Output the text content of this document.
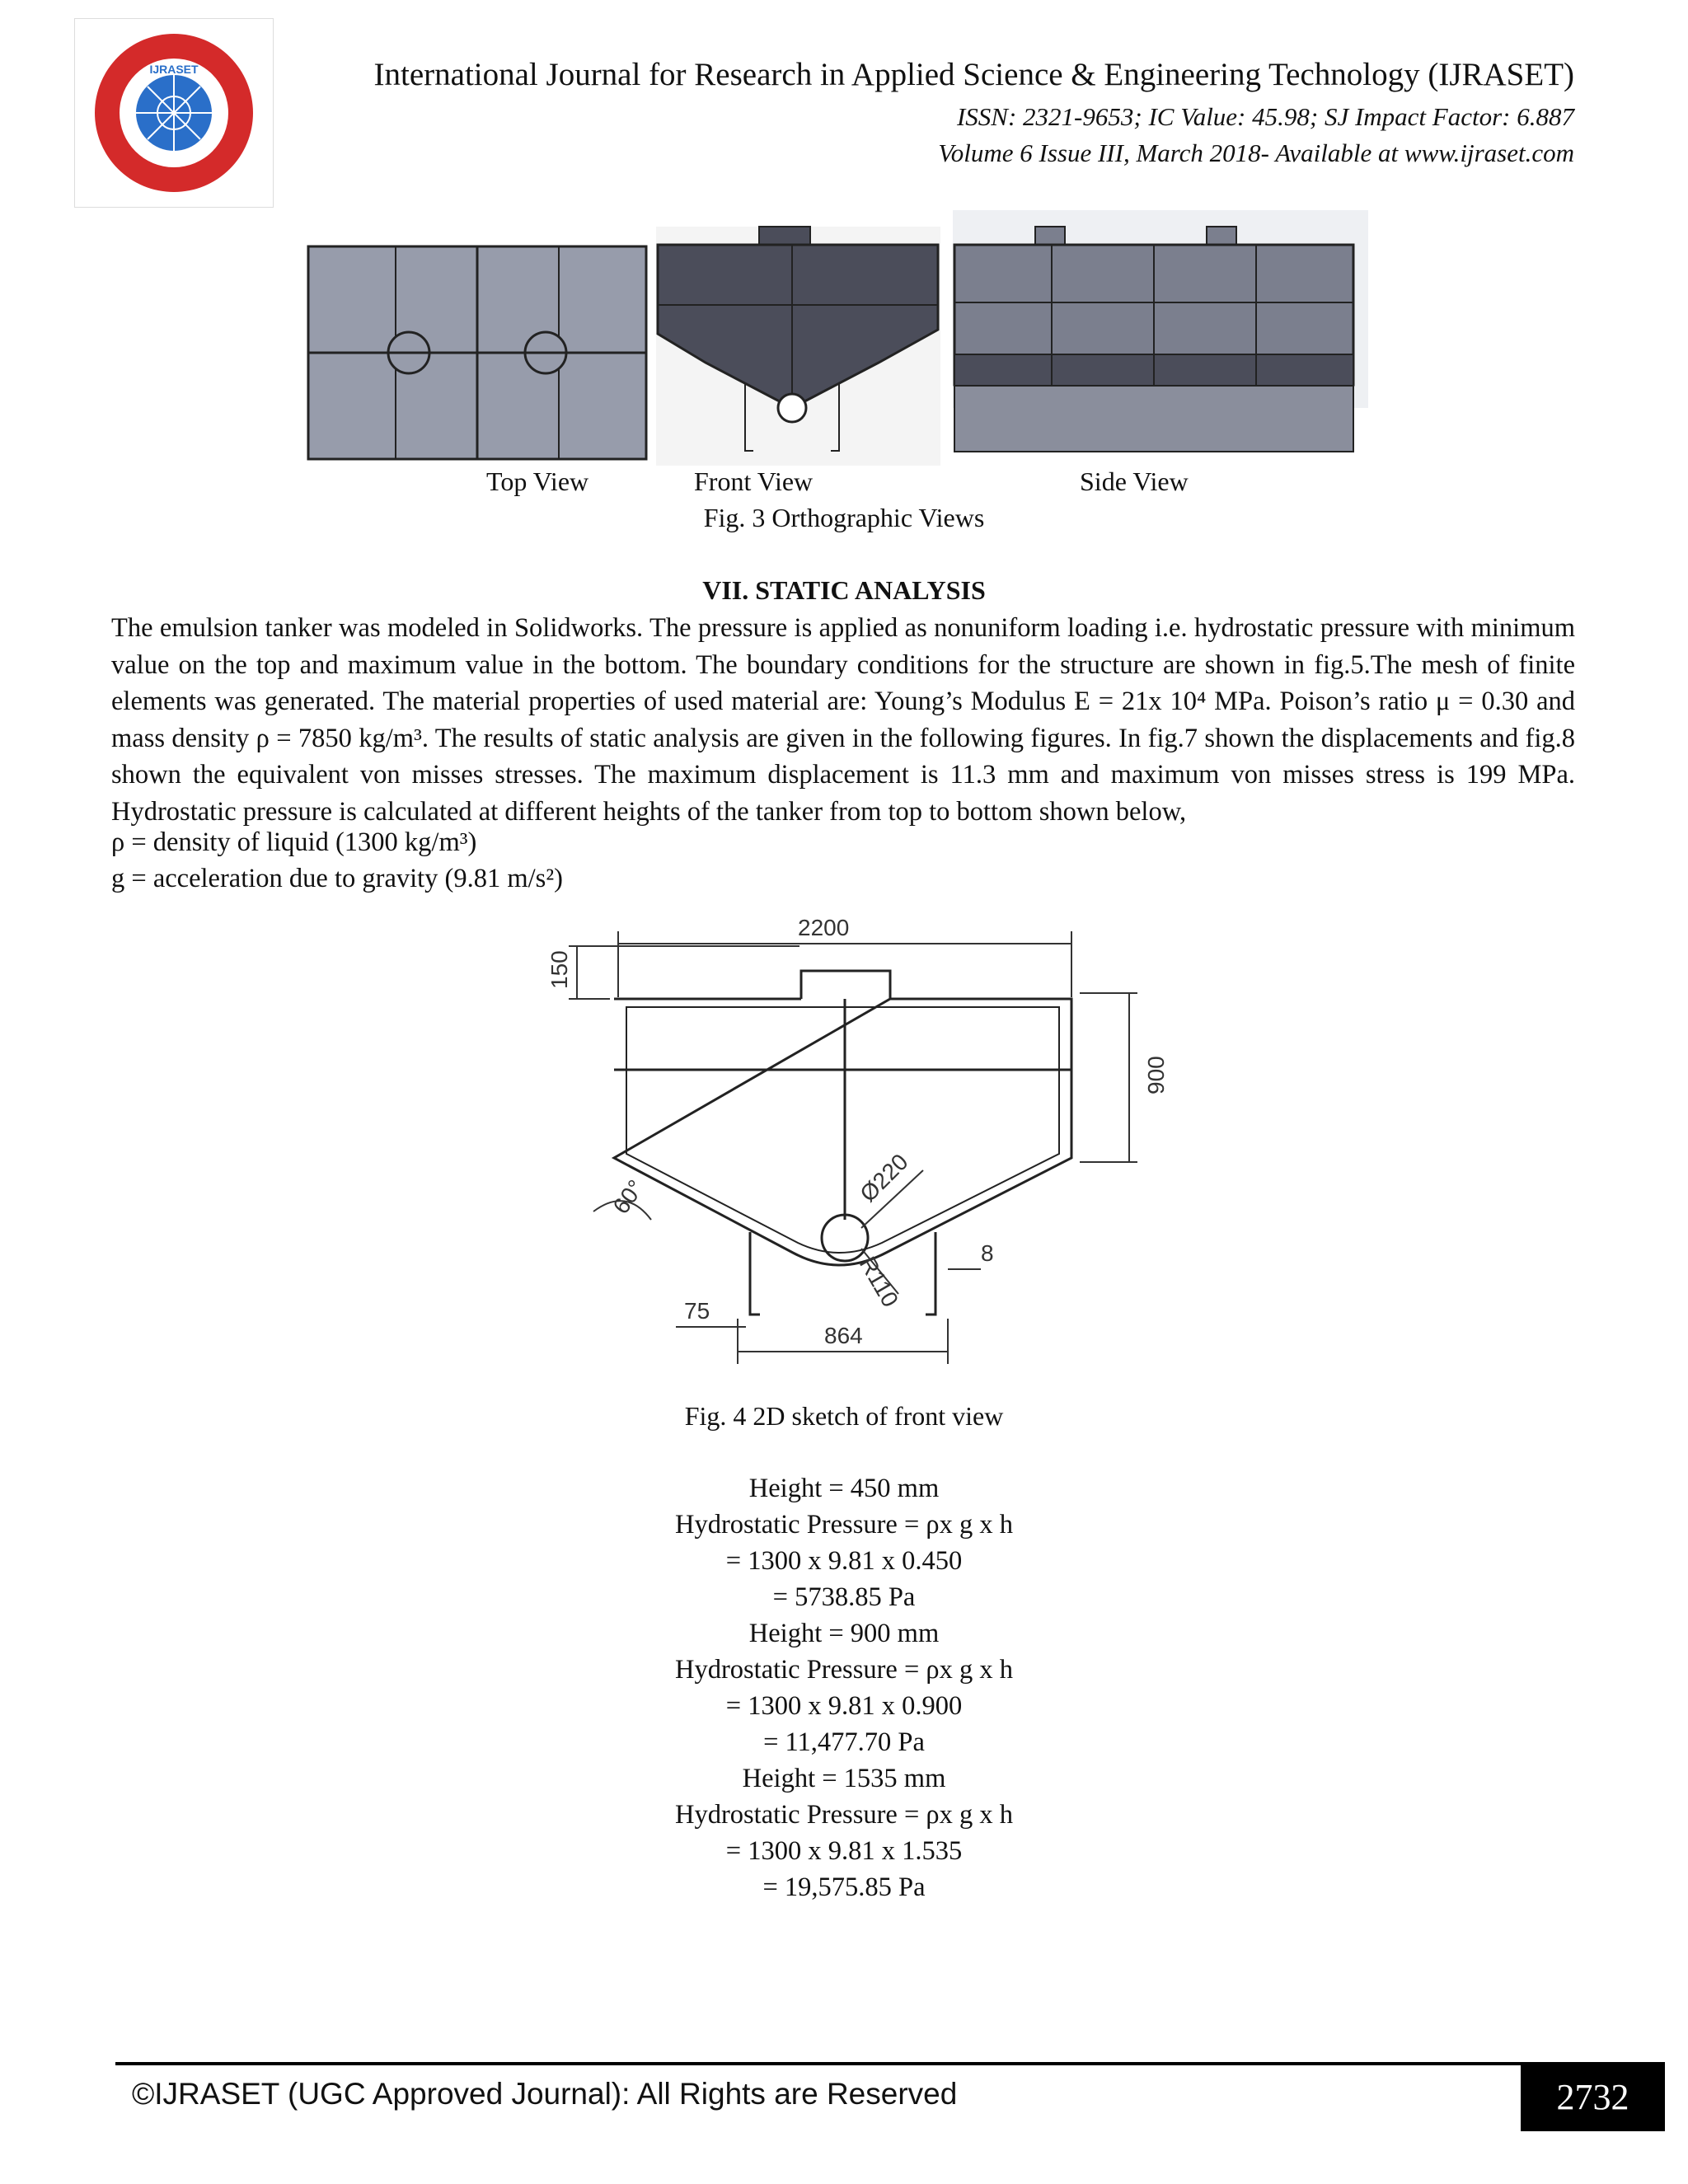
IJRASET	International Journal for Research in Applied Science & Engineering Technology (IJRASET)
ISSN: 2321-9653; IC Value: 45.98; SJ Impact Factor: 6.887
Volume 6 Issue III, March 2018- Available at www.ijraset.com
Top View	Front View	Side View
Fig. 3 Orthographic Views
VII. STATIC ANALYSIS

The emulsion tanker was modeled in Solidworks. The pressure is applied as nonuniform loading i.e. hydrostatic pressure with minimum value on the top and maximum value in the bottom. The boundary conditions for the structure are shown in fig.5.The mesh of finite elements was generated. The material properties of used material are: Young’s Modulus E = 21x 10⁴ MPa. Poison’s ratio μ = 0.30 and mass density ρ = 7850 kg/m³. The results of static analysis are given in the following figures. In fig.7 shown the displacements and fig.8 shown the equivalent von misses stresses. The maximum displacement is 11.3 mm and maximum von misses stress is 199 MPa. Hydrostatic pressure is calculated at different heights of the tanker from top to bottom shown below,

ρ = density of liquid (1300 kg/m³)
g = acceleration due to gravity (9.81 m/s²)
2200
150
900
60°	Ø220
R110	8
75
864
Fig. 4 2D sketch of front view
Height = 450 mm
Hydrostatic Pressure = ρx g x h
= 1300 x 9.81 x 0.450
= 5738.85 Pa
Height = 900 mm
Hydrostatic Pressure = ρx g x h
= 1300 x 9.81 x 0.900
= 11,477.70 Pa
Height = 1535 mm
Hydrostatic Pressure = ρx g x h
= 1300 x 9.81 x 1.535
= 19,575.85 Pa
©IJRASET (UGC Approved Journal): All Rights are Reserved	2732
